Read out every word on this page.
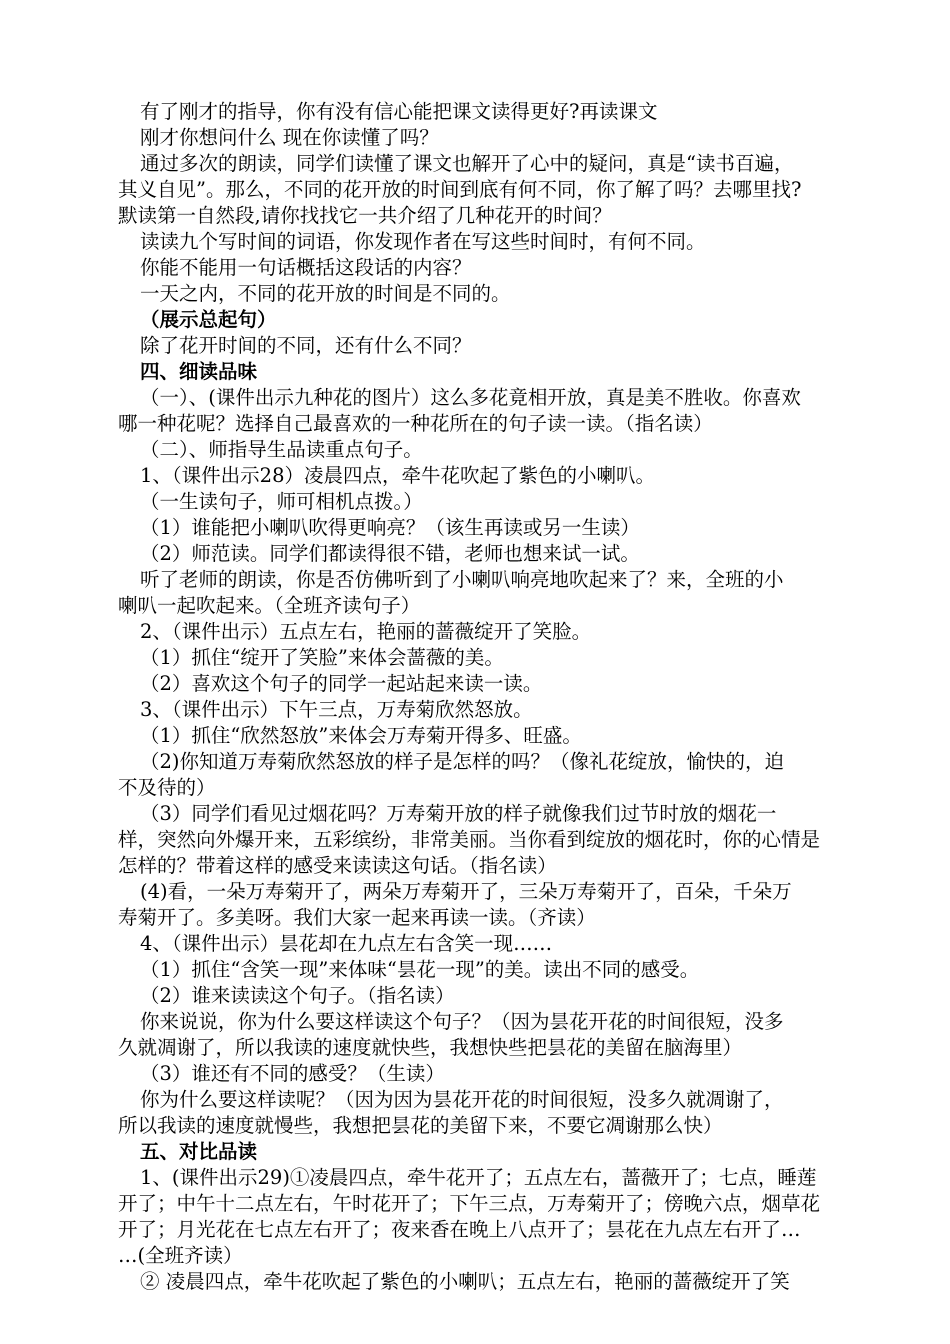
有了刚才的指导，你有没有信心能把课文读得更好?再读课文
刚才你想问什么 现在你读懂了吗？
通过多次的朗读，同学们读懂了课文也解开了心中的疑问，真是“读书百遍，
其义自见”。那么，不同的花开放的时间到底有何不同，你了解了吗？去哪里找?
默读第一自然段,请你找找它一共介绍了几种花开的时间？
读读九个写时间的词语，你发现作者在写这些时间时，有何不同。
你能不能用一句话概括这段话的内容？
一天之内，不同的花开放的时间是不同的。
（展示总起句）
除了花开时间的不同，还有什么不同？
四、细读品味
（一）、(课件出示九种花的图片）这么多花竟相开放，真是美不胜收。你喜欢
哪一种花呢？选择自己最喜欢的一种花所在的句子读一读。（指名读）
（二）、师指导生品读重点句子。
1、（课件出示28）凌晨四点，牵牛花吹起了紫色的小喇叭。
（一生读句子，师可相机点拨。）
（1）谁能把小喇叭吹得更响亮？（该生再读或另一生读）
（2）师范读。同学们都读得很不错，老师也想来试一试。
听了老师的朗读，你是否仿佛听到了小喇叭响亮地吹起来了？来，全班的小
喇叭一起吹起来。（全班齐读句子）
2、（课件出示）五点左右，艳丽的蔷薇绽开了笑脸。
（1）抓住“绽开了笑脸”来体会蔷薇的美。
（2）喜欢这个句子的同学一起站起来读一读。
3、（课件出示）下午三点，万寿菊欣然怒放。
（1）抓住“欣然怒放”来体会万寿菊开得多、旺盛。
（2)你知道万寿菊欣然怒放的样子是怎样的吗？（像礼花绽放，愉快的，迫
不及待的）
（3）同学们看见过烟花吗？万寿菊开放的样子就像我们过节时放的烟花一
样，突然向外爆开来，五彩缤纷，非常美丽。当你看到绽放的烟花时，你的心情是
怎样的？带着这样的感受来读读这句话。（指名读）
(4)看，一朵万寿菊开了，两朵万寿菊开了，三朵万寿菊开了，百朵，千朵万
寿菊开了。多美呀。我们大家一起来再读一读。（齐读）
4、（课件出示）昙花却在九点左右含笑一现……
（1）抓住“含笑一现”来体味“昙花一现”的美。读出不同的感受。
（2）谁来读读这个句子。（指名读）
你来说说，你为什么要这样读这个句子？（因为昙花开花的时间很短，没多
久就凋谢了，所以我读的速度就快些，我想快些把昙花的美留在脑海里）
（3）谁还有不同的感受？（生读）
你为什么要这样读呢？（因为因为昙花开花的时间很短，没多久就凋谢了，
所以我读的速度就慢些，我想把昙花的美留下来，不要它凋谢那么快）
五、对比品读
1、(课件出示29)①凌晨四点，牵牛花开了；五点左右，蔷薇开了；七点，睡莲
开了；中午十二点左右，午时花开了；下午三点，万寿菊开了；傍晚六点，烟草花
开了；月光花在七点左右开了；夜来香在晚上八点开了；昙花在九点左右开了…
…(全班齐读）
② 凌晨四点，牵牛花吹起了紫色的小喇叭；五点左右，艳丽的蔷薇绽开了笑
